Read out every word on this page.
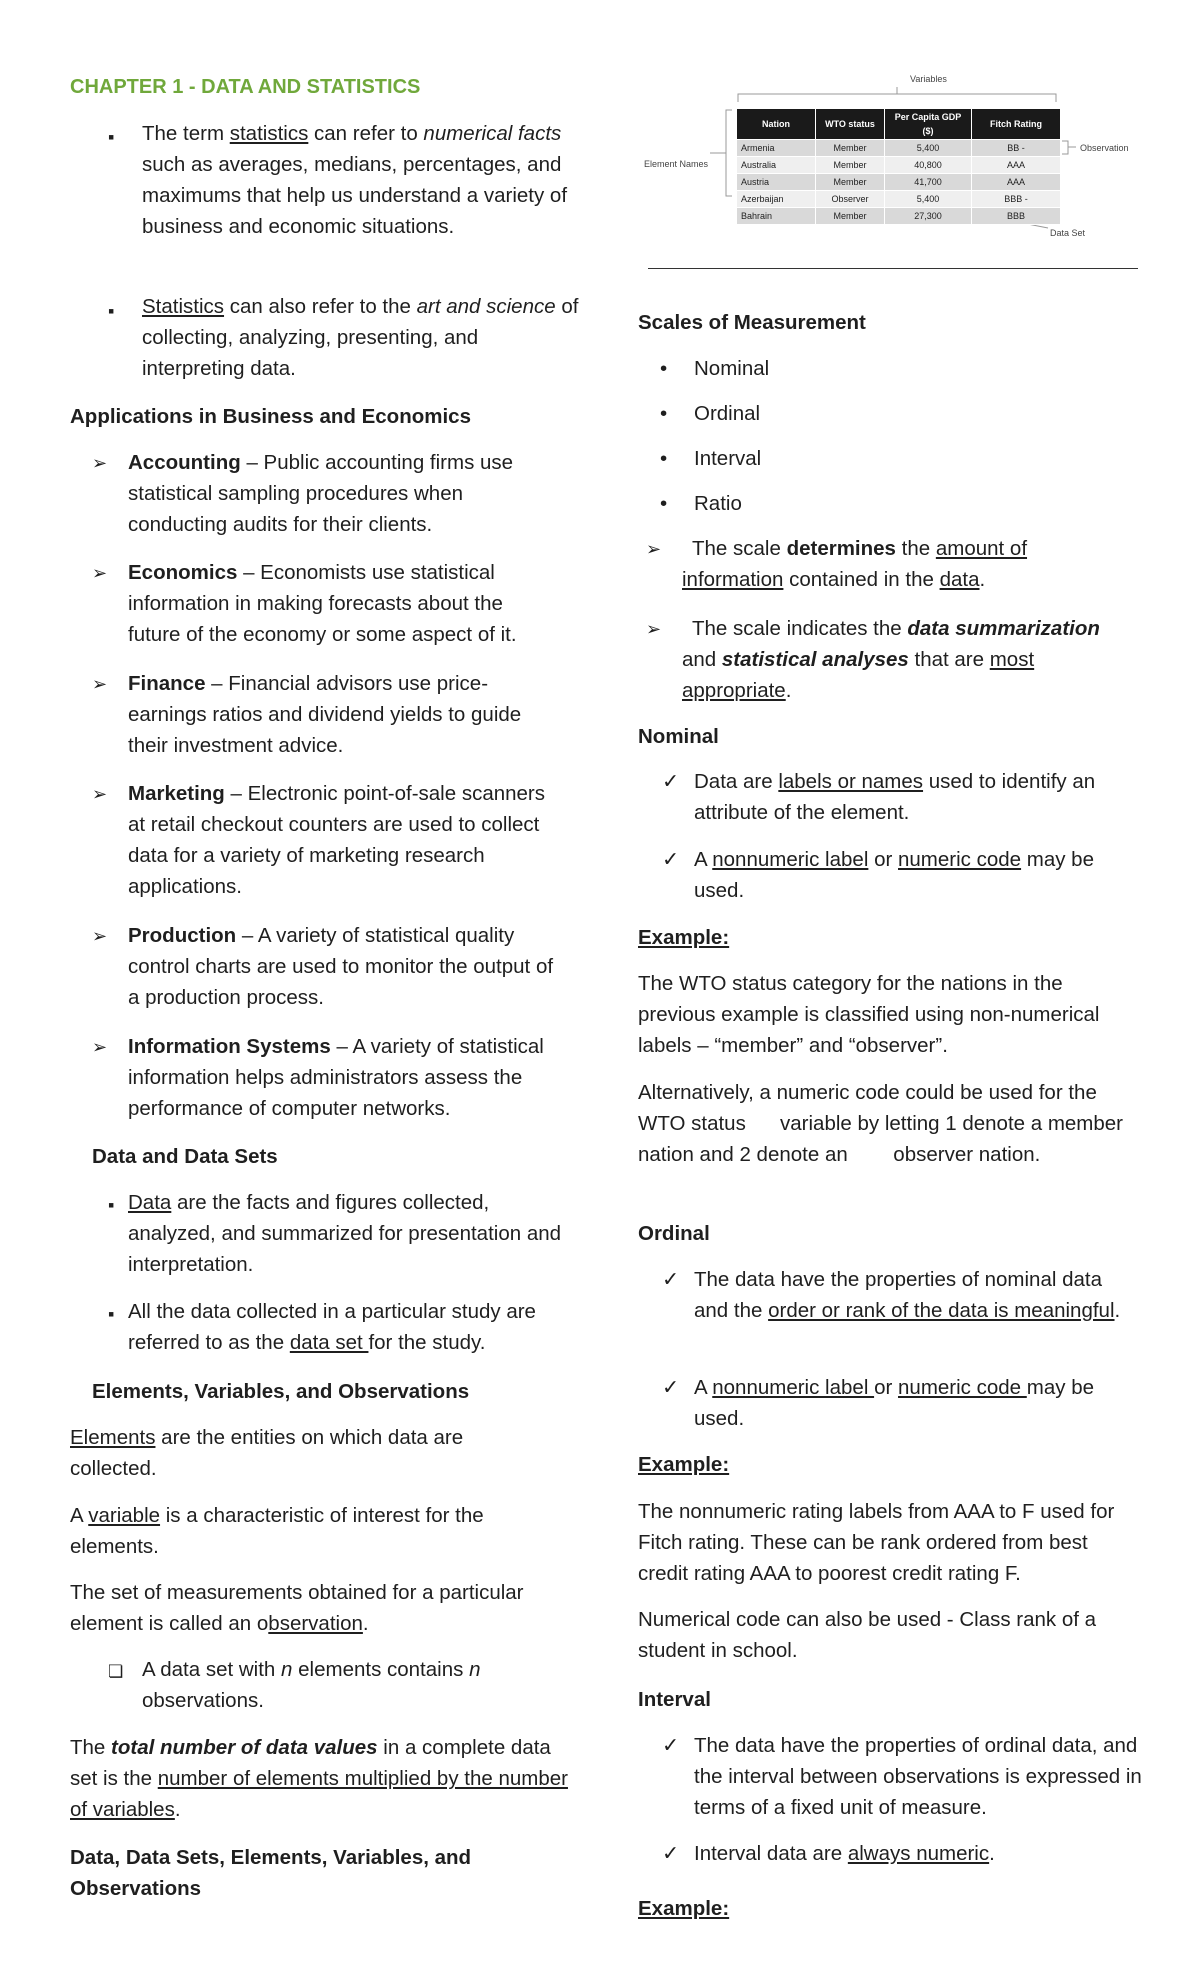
CHAPTER 1 - DATA AND STATISTICS
▪ The term statistics can refer to numerical facts such as averages, medians, percentages, and maximums that help us understand a variety of business and economic situations.

▪ Statistics can also refer to the art and science of collecting, analyzing, presenting, and interpreting data.

Applications in Business and Economics

➢ Accounting – Public accounting firms use statistical sampling procedures when conducting audits for their clients.

➢ Economics – Economists use statistical information in making forecasts about the future of the economy or some aspect of it.

➢ Finance – Financial advisors use price-earnings ratios and dividend yields to guide their investment advice.

➢ Marketing – Electronic point-of-sale scanners at retail checkout counters are used to collect data for a variety of marketing research applications.

➢ Production – A variety of statistical quality control charts are used to monitor the output of a production process.

➢ Information Systems – A variety of statistical information helps administrators assess the performance of computer networks.

Data and Data Sets

▪ Data are the facts and figures collected, analyzed, and summarized for presentation and interpretation.

▪ All the data collected in a particular study are referred to as the data set for the study.

Elements, Variables, and Observations

Elements are the entities on which data are collected.

A variable is a characteristic of interest for the elements.

The set of measurements obtained for a particular element is called an observation.

❏ A data set with n elements contains n observations.

The total number of data values in a complete data set is the number of elements multiplied by the number of variables.

Data, Data Sets, Elements, Variables, and Observations

Variables
Element Names
Observation
Data Set
Nation	WTO status	Per Capita GDP ($)	Fitch Rating
Armenia	Member	5,400	BB -
Australia	Member	40,800	AAA
Austria	Member	41,700	AAA
Azerbaijan	Observer	5,400	BBB -
Bahrain	Member	27,300	BBB

Scales of Measurement

• Nominal

• Ordinal

• Interval

• Ratio

➢	The scale determines the amount of information contained in the data.

➢	The scale indicates the data summarization and statistical analyses that are most appropriate.

Nominal

✓ Data are labels or names used to identify an attribute of the element.

✓ A nonnumeric label or numeric code may be used.

Example:

The WTO status category for the nations in the previous example is classified using non-numerical labels – “member” and “observer”.

Alternatively, a numeric code could be used for the WTO status      variable by letting 1 denote a member nation and 2 denote an        observer nation.

Ordinal

✓ The data have the properties of nominal data and the order or rank of the data is meaningful.

✓ A nonnumeric label or numeric code may be used.

Example:

The nonnumeric rating labels from AAA to F used for Fitch rating. These can be rank ordered from best credit rating AAA to poorest credit rating F.

Numerical code can also be used - Class rank of a student in school.

Interval

✓ The data have the properties of ordinal data, and the interval between observations is expressed in terms of a fixed unit of measure.

✓ Interval data are always numeric.

Example:
